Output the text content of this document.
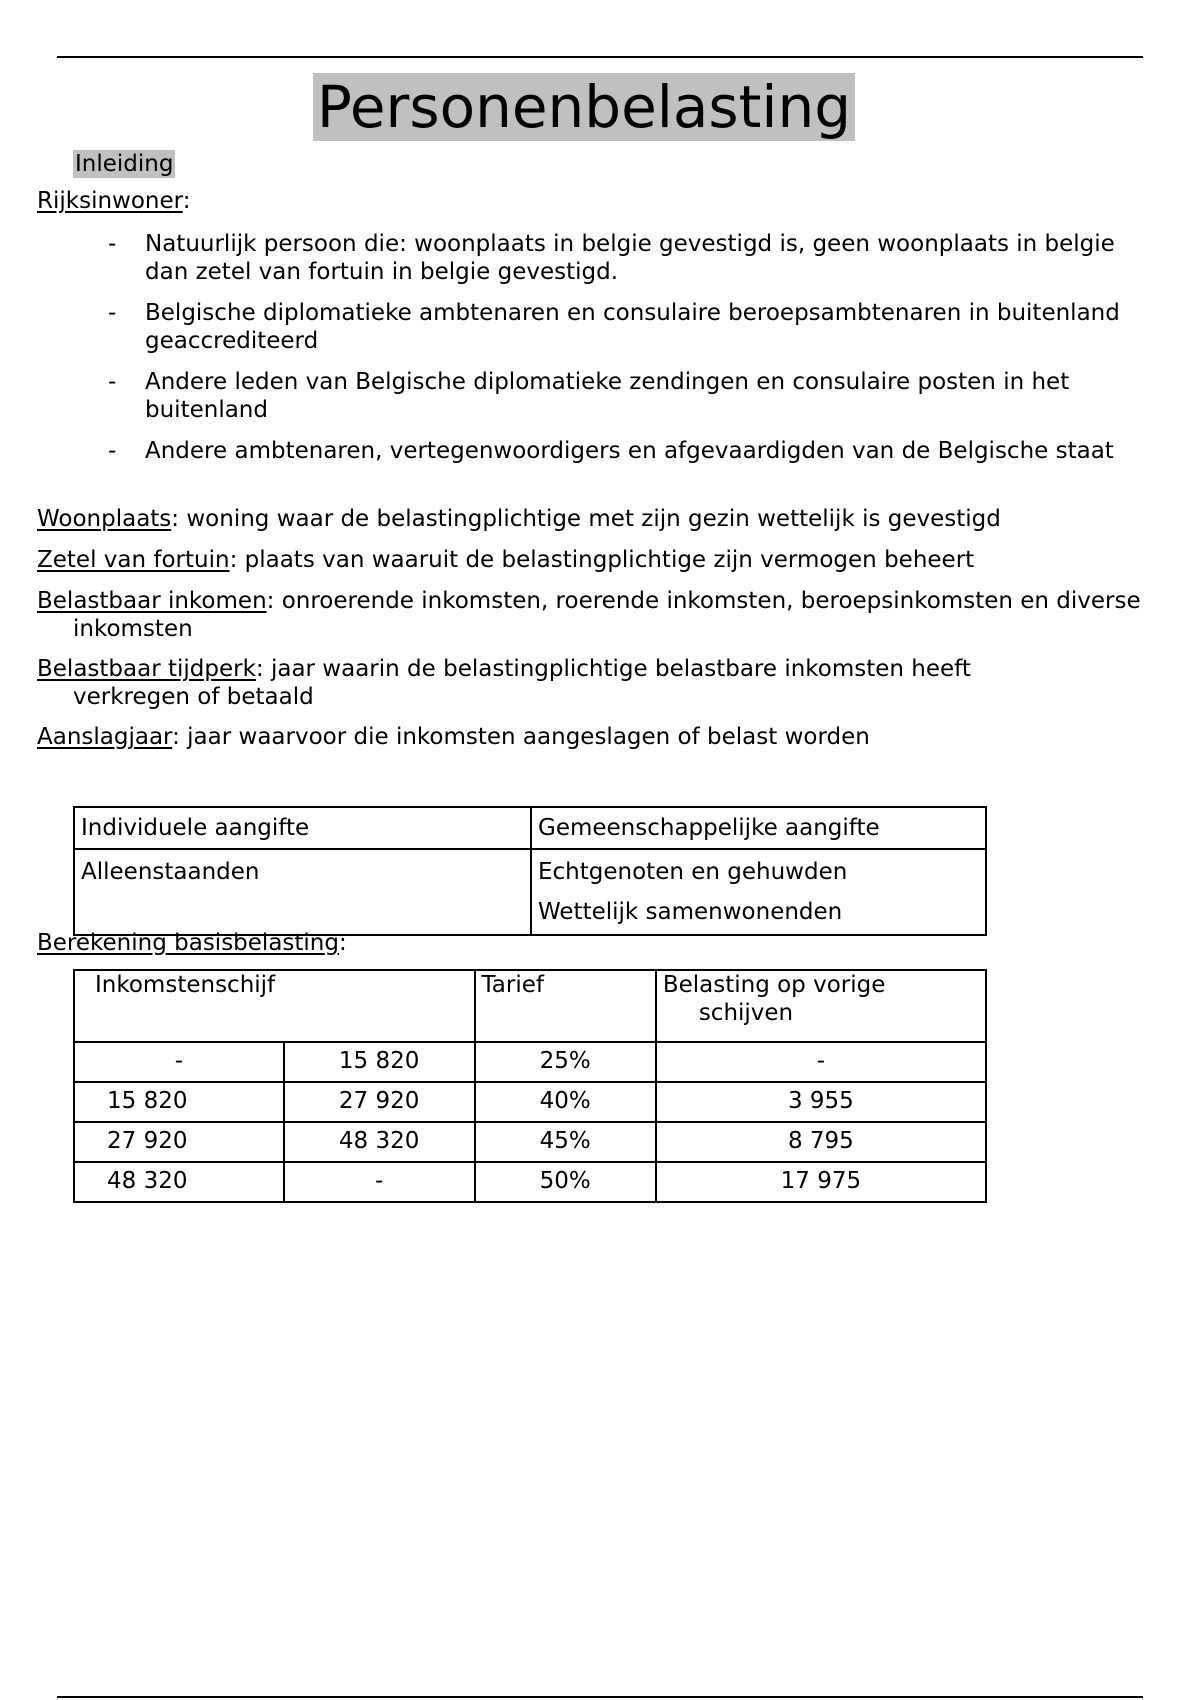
Personenbelasting
Inleiding
Rijksinwoner:
- Natuurlijk persoon die: woonplaats in belgie gevestigd is, geen woonplaats in belgie dan zetel van fortuin in belgie gevestigd.
- Belgische diplomatieke ambtenaren en consulaire beroepsambtenaren in buitenland geaccrediteerd
- Andere leden van Belgische diplomatieke zendingen en consulaire posten in het buitenland
- Andere ambtenaren, vertegenwoordigers en afgevaardigden van de Belgische staat
Woonplaats: woning waar de belastingplichtige met zijn gezin wettelijk is gevestigd
Zetel van fortuin: plaats van waaruit de belastingplichtige zijn vermogen beheert
Belastbaar inkomen: onroerende inkomsten, roerende inkomsten, beroepsinkomsten en diverse inkomsten
Belastbaar tijdperk: jaar waarin de belastingplichtige belastbare inkomsten heeft verkregen of betaald
Aanslagjaar: jaar waarvoor die inkomsten aangeslagen of belast worden
Individuele aangifte	Gemeenschappelijke aangifte
Alleenstaanden	Echtgenoten en gehuwden
Wettelijk samenwonenden
Berekening basisbelasting:
Inkomstenschijf		Tarief	Belasting op vorige
schijven

-	15 820	25%	-
15 820	27 920	40%	3 955
27 920	48 320	45%	8 795
48 320	-	50%	17 975
